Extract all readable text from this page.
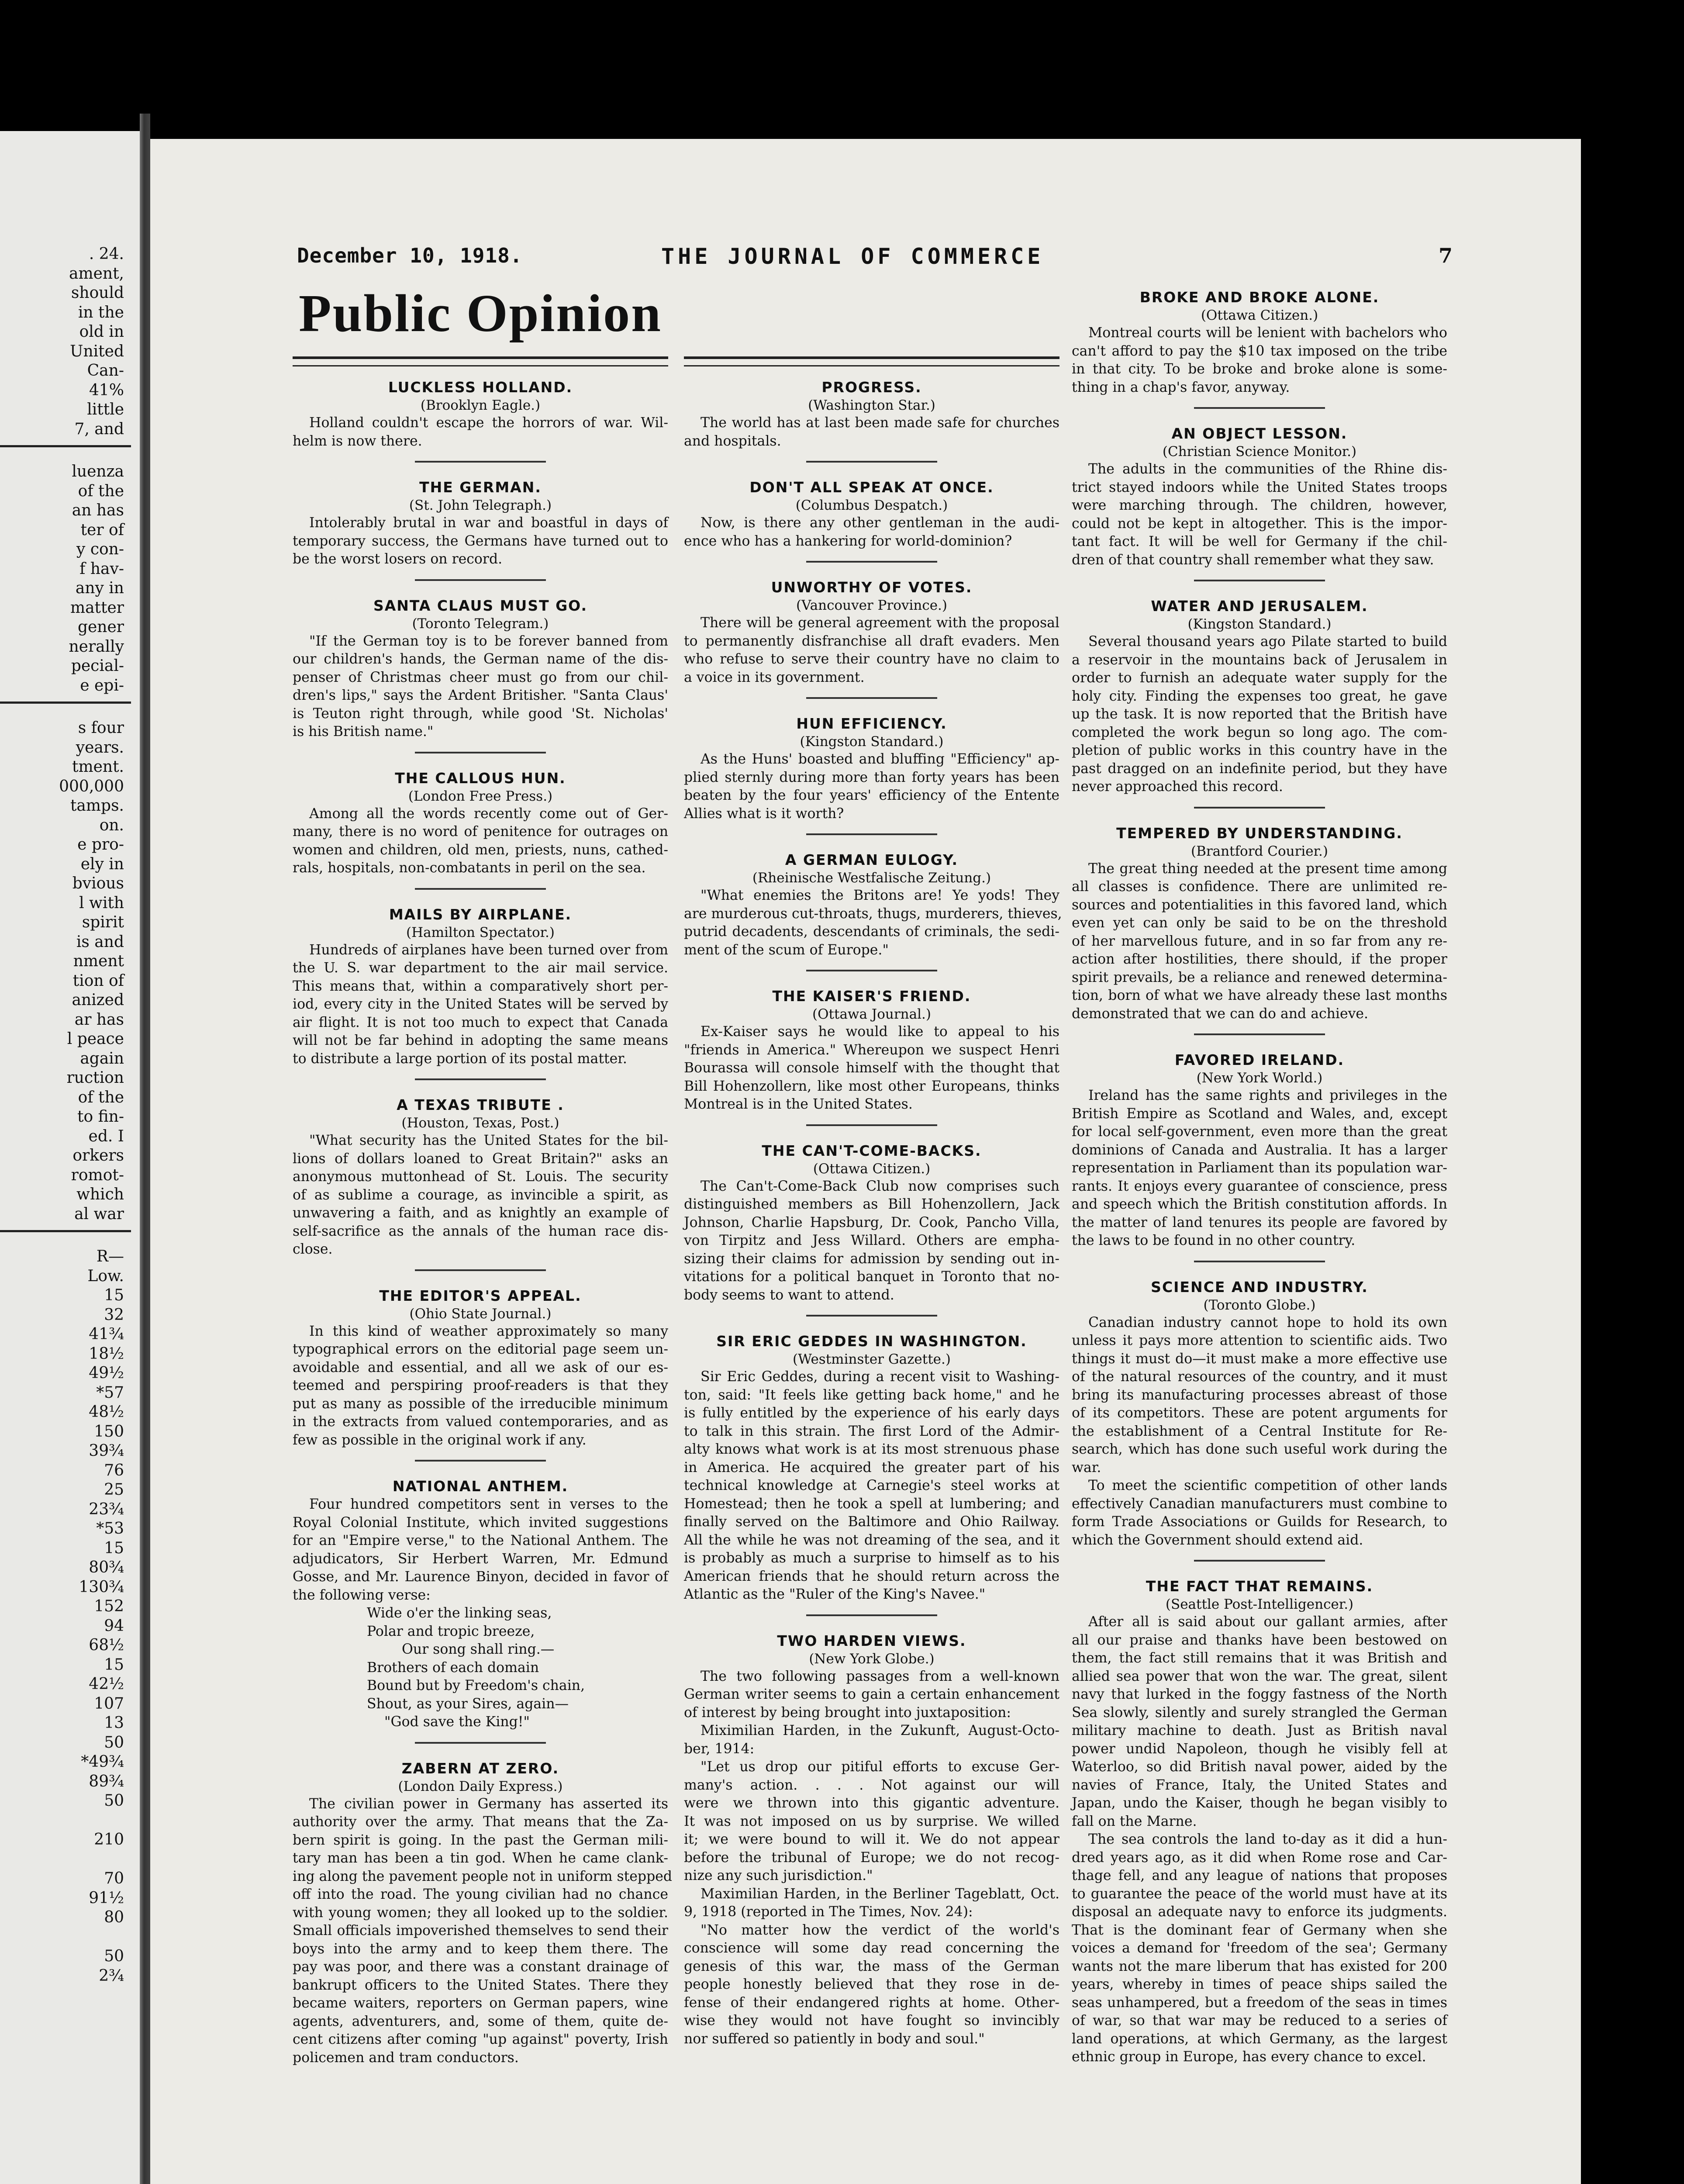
. 24.
ament,
should
in the
old in
United
Can-
41%
little
7, and
luenza
of the
an has
ter of
y con-
f hav-
any in
matter
gener
nerally
pecial-
e epi-
s four
years.
tment.
000,000
tamps.
on.
e pro-
ely in
bvious
l with
spirit
is and
nment
tion of
anized
ar has
l peace
again
ruction
of the
to fin-
ed. I
orkers
romot-
which
al war
R—
Low.
15
32
41¾
18½
49½
*57
48½
150
39¾
76
25
23¾
*53
15
80¾
130¾
152
94
68½
15
42½
107
13
50
*49¾
89¾
50
210
70
91½
80
50
2¾
December 10, 1918.	THE JOURNAL OF COMMERCE	7
Public Opinion
LUCKLESS HOLLAND.
(Brooklyn Eagle.)
Holland couldn't escape the horrors of war. Wil-
helm is now there.
THE GERMAN.
(St. John Telegraph.)
Intolerably brutal in war and boastful in days of
temporary success, the Germans have turned out to
be the worst losers on record.
SANTA CLAUS MUST GO.
(Toronto Telegram.)
"If the German toy is to be forever banned from
our children's hands, the German name of the dis-
penser of Christmas cheer must go from our chil-
dren's lips," says the Ardent Britisher. "Santa Claus'
is Teuton right through, while good 'St. Nicholas'
is his British name."
THE CALLOUS HUN.
(London Free Press.)
Among all the words recently come out of Ger-
many, there is no word of penitence for outrages on
women and children, old men, priests, nuns, cathed-
rals, hospitals, non-combatants in peril on the sea.
MAILS BY AIRPLANE.
(Hamilton Spectator.)
Hundreds of airplanes have been turned over from
the U. S. war department to the air mail service.
This means that, within a comparatively short per-
iod, every city in the United States will be served by
air flight. It is not too much to expect that Canada
will not be far behind in adopting the same means
to distribute a large portion of its postal matter.
A TEXAS TRIBUTE .
(Houston, Texas, Post.)
"What security has the United States for the bil-
lions of dollars loaned to Great Britain?" asks an
anonymous muttonhead of St. Louis. The security
of as sublime a courage, as invincible a spirit, as
unwavering a faith, and as knightly an example of
self-sacrifice as the annals of the human race dis-
close.
THE EDITOR'S APPEAL.
(Ohio State Journal.)
In this kind of weather approximately so many
typographical errors on the editorial page seem un-
avoidable and essential, and all we ask of our es-
teemed and perspiring proof-readers is that they
put as many as possible of the irreducible minimum
in the extracts from valued contemporaries, and as
few as possible in the original work if any.
NATIONAL ANTHEM.
Four hundred competitors sent in verses to the
Royal Colonial Institute, which invited suggestions
for an "Empire verse," to the National Anthem. The
adjudicators, Sir Herbert Warren, Mr. Edmund
Gosse, and Mr. Laurence Binyon, decided in favor of
the following verse:
Wide o'er the linking seas,
Polar and tropic breeze,
Our song shall ring.—
Brothers of each domain
Bound but by Freedom's chain,
Shout, as your Sires, again—
"God save the King!"
ZABERN AT ZERO.
(London Daily Express.)
The civilian power in Germany has asserted its
authority over the army. That means that the Za-
bern spirit is going. In the past the German mili-
tary man has been a tin god. When he came clank-
ing along the pavement people not in uniform stepped
off into the road. The young civilian had no chance
with young women; they all looked up to the soldier.
Small officials impoverished themselves to send their
boys into the army and to keep them there. The
pay was poor, and there was a constant drainage of
bankrupt officers to the United States. There they
became waiters, reporters on German papers, wine
agents, adventurers, and, some of them, quite de-
cent citizens after coming "up against" poverty, Irish
policemen and tram conductors.
PROGRESS.
(Washington Star.)
The world has at last been made safe for churches
and hospitals.
DON'T ALL SPEAK AT ONCE.
(Columbus Despatch.)
Now, is there any other gentleman in the audi-
ence who has a hankering for world-dominion?
UNWORTHY OF VOTES.
(Vancouver Province.)
There will be general agreement with the proposal
to permanently disfranchise all draft evaders. Men
who refuse to serve their country have no claim to
a voice in its government.
HUN EFFICIENCY.
(Kingston Standard.)
As the Huns' boasted and bluffing "Efficiency" ap-
plied sternly during more than forty years has been
beaten by the four years' efficiency of the Entente
Allies what is it worth?
A GERMAN EULOGY.
(Rheinische Westfalische Zeitung.)
"What enemies the Britons are! Ye yods! They
are murderous cut-throats, thugs, murderers, thieves,
putrid decadents, descendants of criminals, the sedi-
ment of the scum of Europe."
THE KAISER'S FRIEND.
(Ottawa Journal.)
Ex-Kaiser says he would like to appeal to his
"friends in America." Whereupon we suspect Henri
Bourassa will console himself with the thought that
Bill Hohenzollern, like most other Europeans, thinks
Montreal is in the United States.
THE CAN'T-COME-BACKS.
(Ottawa Citizen.)
The Can't-Come-Back Club now comprises such
distinguished members as Bill Hohenzollern, Jack
Johnson, Charlie Hapsburg, Dr. Cook, Pancho Villa,
von Tirpitz and Jess Willard. Others are empha-
sizing their claims for admission by sending out in-
vitations for a political banquet in Toronto that no-
body seems to want to attend.
SIR ERIC GEDDES IN WASHINGTON.
(Westminster Gazette.)
Sir Eric Geddes, during a recent visit to Washing-
ton, said: "It feels like getting back home," and he
is fully entitled by the experience of his early days
to talk in this strain. The first Lord of the Admir-
alty knows what work is at its most strenuous phase
in America. He acquired the greater part of his
technical knowledge at Carnegie's steel works at
Homestead; then he took a spell at lumbering; and
finally served on the Baltimore and Ohio Railway.
All the while he was not dreaming of the sea, and it
is probably as much a surprise to himself as to his
American friends that he should return across the
Atlantic as the "Ruler of the King's Navee."
TWO HARDEN VIEWS.
(New York Globe.)
The two following passages from a well-known
German writer seems to gain a certain enhancement
of interest by being brought into juxtaposition:
Miximilian Harden, in the Zukunft, August-Octo-
ber, 1914:
"Let us drop our pitiful efforts to excuse Ger-
many's action. . . . Not against our will
were we thrown into this gigantic adventure.
It was not imposed on us by surprise. We willed
it; we were bound to will it. We do not appear
before the tribunal of Europe; we do not recog-
nize any such jurisdiction."
Maximilian Harden, in the Berliner Tageblatt, Oct.
9, 1918 (reported in The Times, Nov. 24):
"No matter how the verdict of the world's
conscience will some day read concerning the
genesis of this war, the mass of the German
people honestly believed that they rose in de-
fense of their endangered rights at home. Other-
wise they would not have fought so invincibly
nor suffered so patiently in body and soul."
BROKE AND BROKE ALONE.
(Ottawa Citizen.)
Montreal courts will be lenient with bachelors who
can't afford to pay the $10 tax imposed on the tribe
in that city. To be broke and broke alone is some-
thing in a chap's favor, anyway.
AN OBJECT LESSON.
(Christian Science Monitor.)
The adults in the communities of the Rhine dis-
trict stayed indoors while the United States troops
were marching through. The children, however,
could not be kept in altogether. This is the impor-
tant fact. It will be well for Germany if the chil-
dren of that country shall remember what they saw.
WATER AND JERUSALEM.
(Kingston Standard.)
Several thousand years ago Pilate started to build
a reservoir in the mountains back of Jerusalem in
order to furnish an adequate water supply for the
holy city. Finding the expenses too great, he gave
up the task. It is now reported that the British have
completed the work begun so long ago. The com-
pletion of public works in this country have in the
past dragged on an indefinite period, but they have
never approached this record.
TEMPERED BY UNDERSTANDING.
(Brantford Courier.)
The great thing needed at the present time among
all classes is confidence. There are unlimited re-
sources and potentialities in this favored land, which
even yet can only be said to be on the threshold
of her marvellous future, and in so far from any re-
action after hostilities, there should, if the proper
spirit prevails, be a reliance and renewed determina-
tion, born of what we have already these last months
demonstrated that we can do and achieve.
FAVORED IRELAND.
(New York World.)
Ireland has the same rights and privileges in the
British Empire as Scotland and Wales, and, except
for local self-government, even more than the great
dominions of Canada and Australia. It has a larger
representation in Parliament than its population war-
rants. It enjoys every guarantee of conscience, press
and speech which the British constitution affords. In
the matter of land tenures its people are favored by
the laws to be found in no other country.
SCIENCE AND INDUSTRY.
(Toronto Globe.)
Canadian industry cannot hope to hold its own
unless it pays more attention to scientific aids. Two
things it must do—it must make a more effective use
of the natural resources of the country, and it must
bring its manufacturing processes abreast of those
of its competitors. These are potent arguments for
the establishment of a Central Institute for Re-
search, which has done such useful work during the
war.
To meet the scientific competition of other lands
effectively Canadian manufacturers must combine to
form Trade Associations or Guilds for Research, to
which the Government should extend aid.
THE FACT THAT REMAINS.
(Seattle Post-Intelligencer.)
After all is said about our gallant armies, after
all our praise and thanks have been bestowed on
them, the fact still remains that it was British and
allied sea power that won the war. The great, silent
navy that lurked in the foggy fastness of the North
Sea slowly, silently and surely strangled the German
military machine to death. Just as British naval
power undid Napoleon, though he visibly fell at
Waterloo, so did British naval power, aided by the
navies of France, Italy, the United States and
Japan, undo the Kaiser, though he began visibly to
fall on the Marne.
The sea controls the land to-day as it did a hun-
dred years ago, as it did when Rome rose and Car-
thage fell, and any league of nations that proposes
to guarantee the peace of the world must have at its
disposal an adequate navy to enforce its judgments.
That is the dominant fear of Germany when she
voices a demand for 'freedom of the sea'; Germany
wants not the mare liberum that has existed for 200
years, whereby in times of peace ships sailed the
seas unhampered, but a freedom of the seas in times
of war, so that war may be reduced to a series of
land operations, at which Germany, as the largest
ethnic group in Europe, has every chance to excel.
